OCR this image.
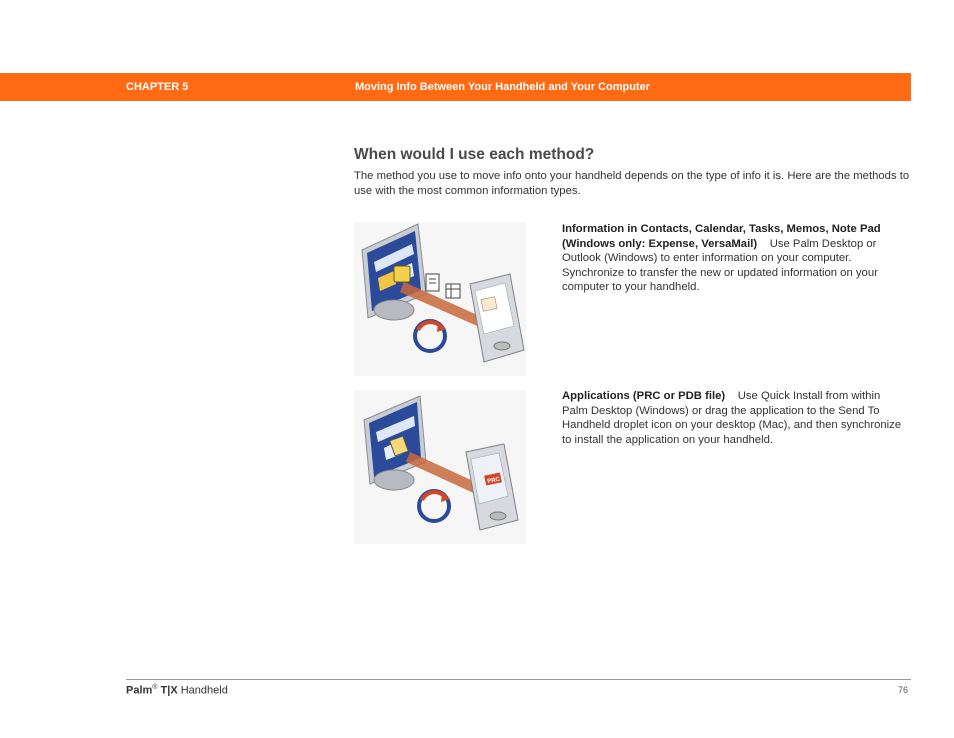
CHAPTER 5	Moving Info Between Your Handheld and Your Computer
When would I use each method?

The method you use to move info onto your handheld depends on the type of info it is. Here are the methods to use with the most common information types.

PRC

Information in Contacts, Calendar, Tasks, Memos, Note Pad (Windows only: Expense, VersaMail) Use Palm Desktop or Outlook (Windows) to enter information on your computer. Synchronize to transfer the new or updated information on your computer to your handheld.

Applications (PRC or PDB file) Use Quick Install from within Palm Desktop (Windows) or drag the application to the Send To Handheld droplet icon on your desktop (Mac), and then synchronize to install the application on your handheld.

Palm® T|X Handheld	76
